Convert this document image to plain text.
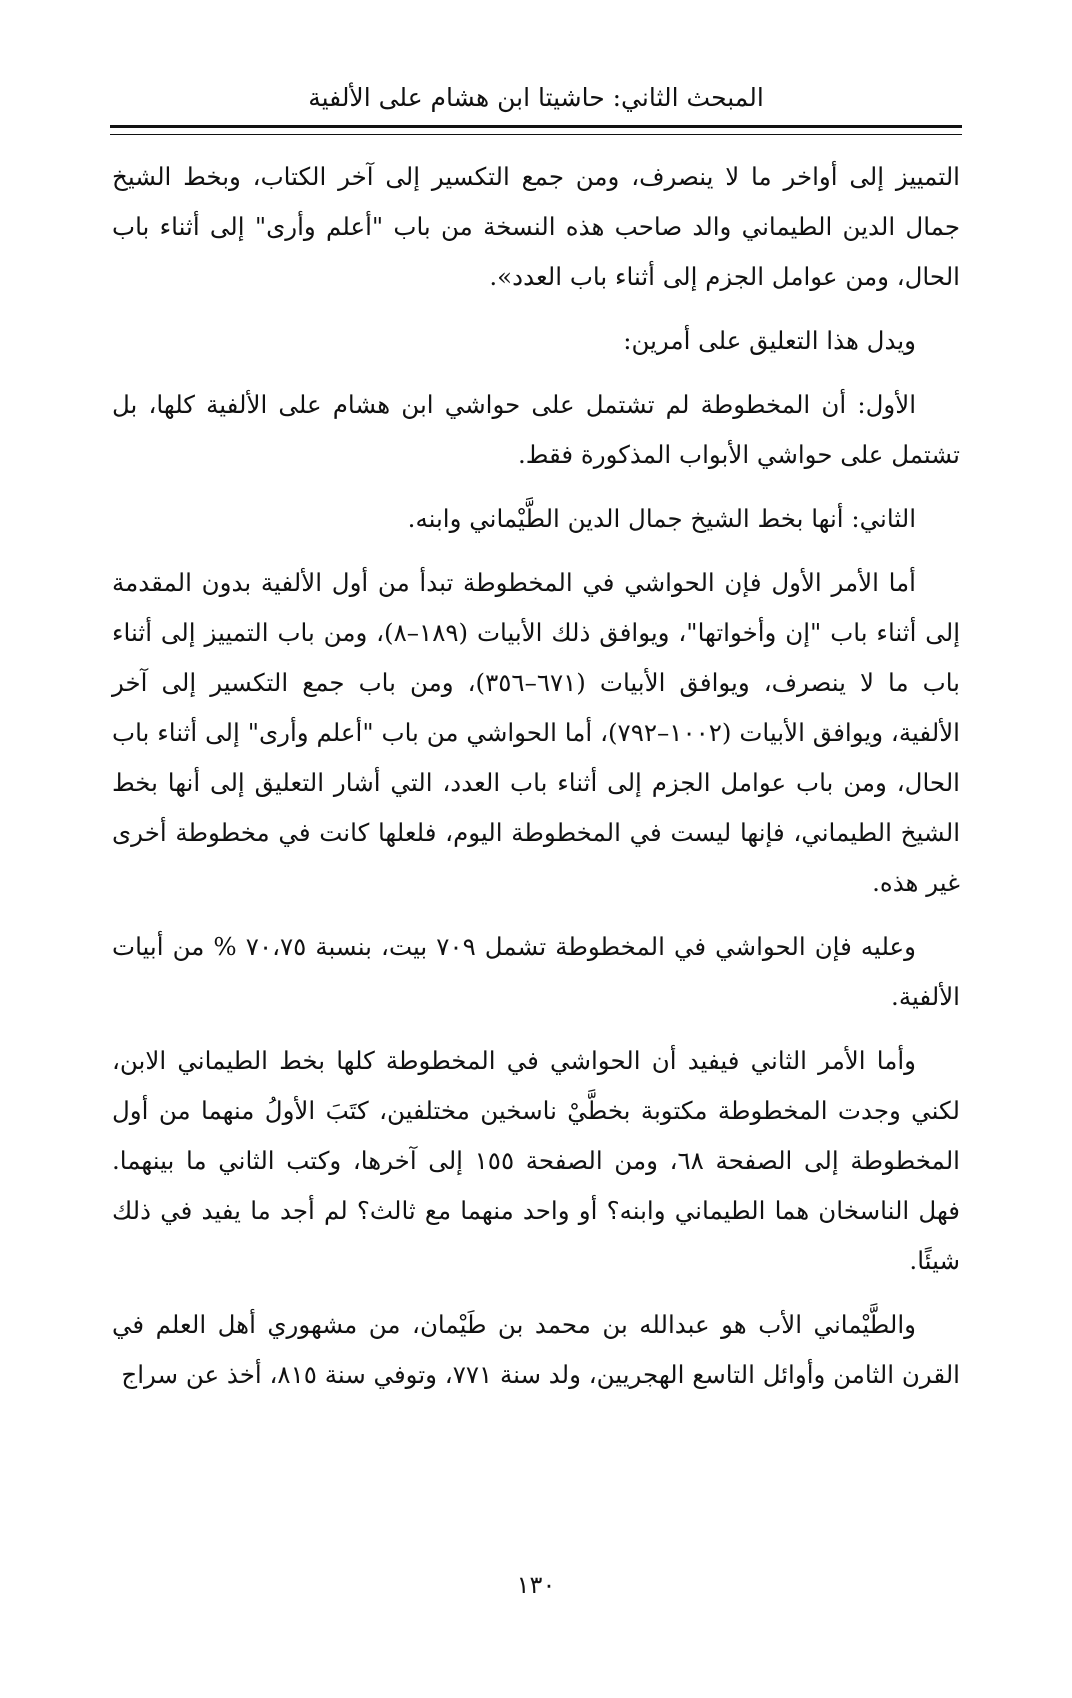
المبحث الثاني: حاشيتا ابن هشام على الألفية

التمييز إلى أواخر ما لا ينصرف، ومن جمع التكسير إلى آخر الكتاب، وبخط الشيخ جمال الدين الطيماني والد صاحب هذه النسخة من باب "أعلم وأرى" إلى أثناء باب الحال، ومن عوامل الجزم إلى أثناء باب العدد».

ويدل هذا التعليق على أمرين:

الأول: أن المخطوطة لم تشتمل على حواشي ابن هشام على الألفية كلها، بل تشتمل على حواشي الأبواب المذكورة فقط.

الثاني: أنها بخط الشيخ جمال الدين الطَّيْماني وابنه.

أما الأمر الأول فإن الحواشي في المخطوطة تبدأ من أول الألفية بدون المقدمة إلى أثناء باب "إن وأخواتها"، ويوافق ذلك الأبيات (١٨٩–٨)، ومن باب التمييز إلى أثناء باب ما لا ينصرف، ويوافق الأبيات (٦٧١–٣٥٦)، ومن باب جمع التكسير إلى آخر الألفية، ويوافق الأبيات (١٠٠٢–٧٩٢)، أما الحواشي من باب "أعلم وأرى" إلى أثناء باب الحال، ومن باب عوامل الجزم إلى أثناء باب العدد، التي أشار التعليق إلى أنها بخط الشيخ الطيماني، فإنها ليست في المخطوطة اليوم، فلعلها كانت في مخطوطة أخرى غير هذه.

وعليه فإن الحواشي في المخطوطة تشمل ٧٠٩ بيت، بنسبة ٧٠،٧٥ % من أبيات الألفية.

وأما الأمر الثاني فيفيد أن الحواشي في المخطوطة كلها بخط الطيماني الابن، لكني وجدت المخطوطة مكتوبة بخطَّيْ ناسخين مختلفين، كتَبَ الأولُ منهما من أول المخطوطة إلى الصفحة ٦٨، ومن الصفحة ١٥٥ إلى آخرها، وكتب الثاني ما بينهما. فهل الناسخان هما الطيماني وابنه؟ أو واحد منهما مع ثالث؟ لم أجد ما يفيد في ذلك شيئًا.

والطَّيْماني الأب هو عبدالله بن محمد بن طَيْمان، من مشهوري أهل العلم في القرن الثامن وأوائل التاسع الهجريين، ولد سنة ٧٧١، وتوفي سنة ٨١٥، أخذ عن سراج

١٣٠
